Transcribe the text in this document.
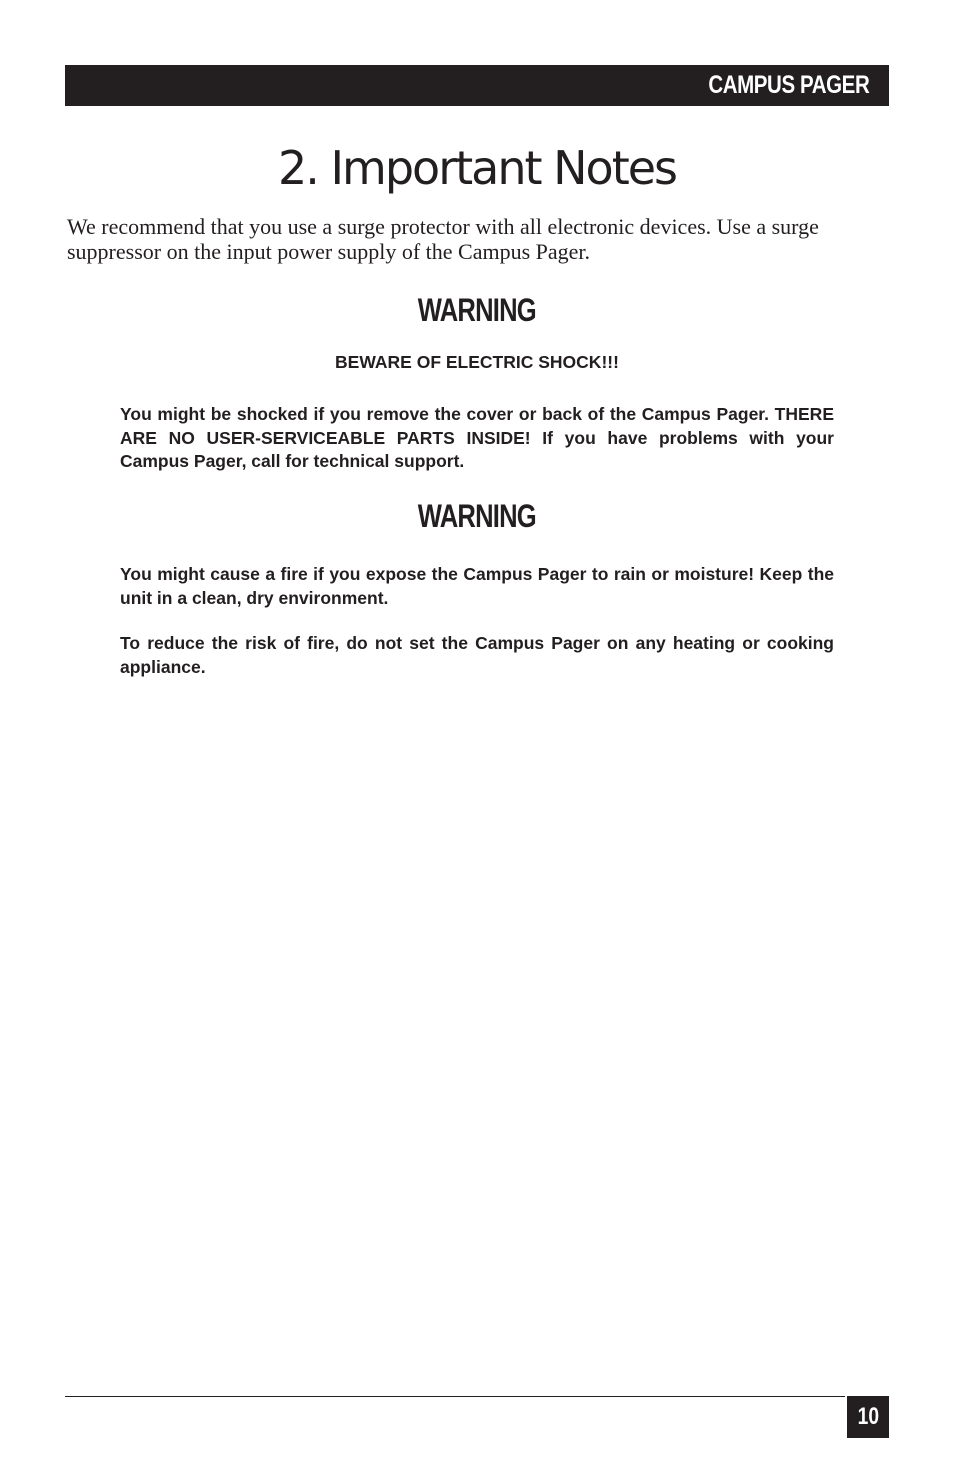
CAMPUS PAGER
2. Important Notes

We recommend that you use a surge protector with all electronic devices. Use a surge suppressor on the input power supply of the Campus Pager.

WARNING
BEWARE OF ELECTRIC SHOCK!!!

You might be shocked if you remove the cover or back of the Campus Pager. THERE ARE NO USER-SERVICEABLE PARTS INSIDE! If you have problems with your Campus Pager, call for technical support.

WARNING

You might cause a fire if you expose the Campus Pager to rain or moisture! Keep the unit in a clean, dry environment.

To reduce the risk of fire, do not set the Campus Pager on any heating or cooking appliance.

10
